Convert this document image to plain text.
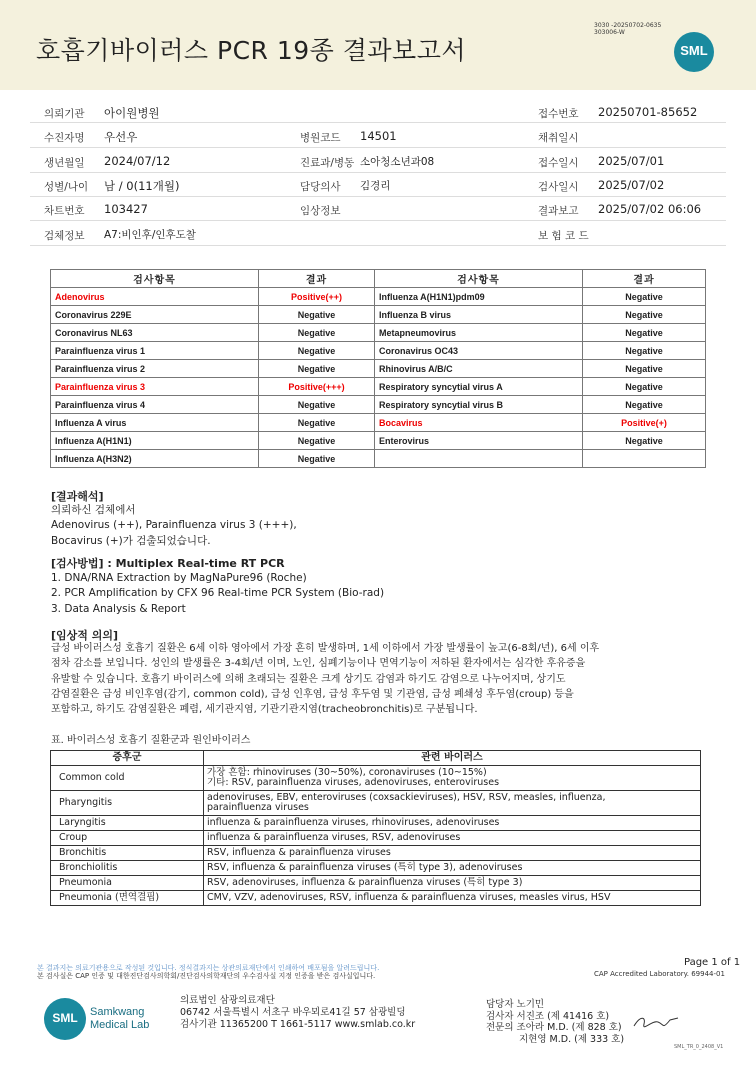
호흡기바이러스 PCR 19종 결과보고서
3030 -20250702-0635
303006-W
SML
의뢰기관 아이원병원	접수번호 20250701-85652
수진자명 우선우	병원코드 14501	채취일시
생년월일 2024/07/12	진료과/병동 소아청소년과08	접수일시 2025/07/01
성별/나이 남 / 0(11개월)	담당의사 김경리	검사일시 2025/07/02
차트번호 103427	임상정보	결과보고 2025/07/02 06:06
검체정보 A7:비인후/인후도찰	보 험 코 드
검사항목	결과	검사항목	결과
Adenovirus	Positive(++)	Influenza A(H1N1)pdm09	Negative
Coronavirus 229E	Negative	Influenza B virus	Negative
Coronavirus NL63	Negative	Metapneumovirus	Negative
Parainfluenza virus 1	Negative	Coronavirus OC43	Negative
Parainfluenza virus 2	Negative	Rhinovirus A/B/C	Negative
Parainfluenza virus 3	Positive(+++)	Respiratory syncytial virus A	Negative
Parainfluenza virus 4	Negative	Respiratory syncytial virus B	Negative
Influenza A virus	Negative	Bocavirus	Positive(+)
Influenza A(H1N1)	Negative	Enterovirus	Negative
Influenza A(H3N2)	Negative		
[결과해석]
의뢰하신 검체에서
Adenovirus (++), Parainfluenza virus 3 (+++),
Bocavirus (+)가 검출되었습니다.
[검사방법] : Multiplex Real-time RT PCR
1. DNA/RNA Extraction by MagNaPure96 (Roche)
2. PCR Amplification by CFX 96 Real-time PCR System (Bio-rad)
3. Data Analysis & Report
[임상적 의의]
급성 바이러스성 호흡기 질환은 6세 이하 영아에서 가장 흔히 발생하며, 1세 이하에서 가장 발생률이 높고(6-8회/년), 6세 이후
점차 감소를 보입니다. 성인의 발생률은 3-4회/년 이며, 노인, 심폐기능이나 면역기능이 저하된 환자에서는 심각한 후유증을
유발할 수 있습니다. 호흡기 바이러스에 의해 초래되는 질환은 크게 상기도 감염과 하기도 감염으로 나누어지며, 상기도
감염질환은 급성 비인후염(감기, common cold), 급성 인후염, 급성 후두염 및 기관염, 급성 폐쇄성 후두염(croup) 등을
포함하고, 하기도 감염질환은 폐렴, 세기관지염, 기관기관지염(tracheobronchitis)로 구분됩니다.
표. 바이러스성 호흡기 질환군과 원인바이러스
증후군	관련 바이러스
Common cold	가장 흔함: rhinoviruses (30~50%), coronaviruses (10~15%)
기타: RSV, parainfluenza viruses, adenoviruses, enteroviruses

Pharyngitis	adenoviruses, EBV, enteroviruses (coxsackieviruses), HSV, RSV, measles, influenza,
parainfluenza viruses

Laryngitis	influenza & parainfluenza viruses, rhinoviruses, adenoviruses

Croup	influenza & parainfluenza viruses, RSV, adenoviruses

Bronchitis	RSV, influenza & parainfluenza viruses

Bronchiolitis	RSV, influenza & parainfluenza viruses (특히 type 3), adenoviruses

Pneumonia	RSV, adenoviruses, influenza & parainfluenza viruses (특히 type 3)

Pneumonia (면역결핍)	CMV, VZV, adenoviruses, RSV, influenza & parainfluenza viruses, measles virus, HSV
본 결과지는 의료기관용으로 작성된 것입니다. 정식결과지는 상관의료재단에서 인쇄하여 배포됨을 알려드립니다.
본 검사실은 CAP 인증 및 대한진단검사의학회/진단검사의학재단의 우수검사실 지정 인증을 받은 검사실입니다.
Page 1 of 1
CAP Accredited Laboratory. 69944-01
SML	Samkwang
Medical Lab
의료법인 삼광의료재단
06742 서울특별시 서초구 바우뫼로41길 57 삼광빌딩
검사기관 11365200 T 1661-5117 www.smlab.co.kr
담당자 노기민
검사자 서진조 (제 41416 호)
전문의 조아라 M.D. (제 828 호)
지현영 M.D. (제 333 호)
SML_TR_0_2408_V1
